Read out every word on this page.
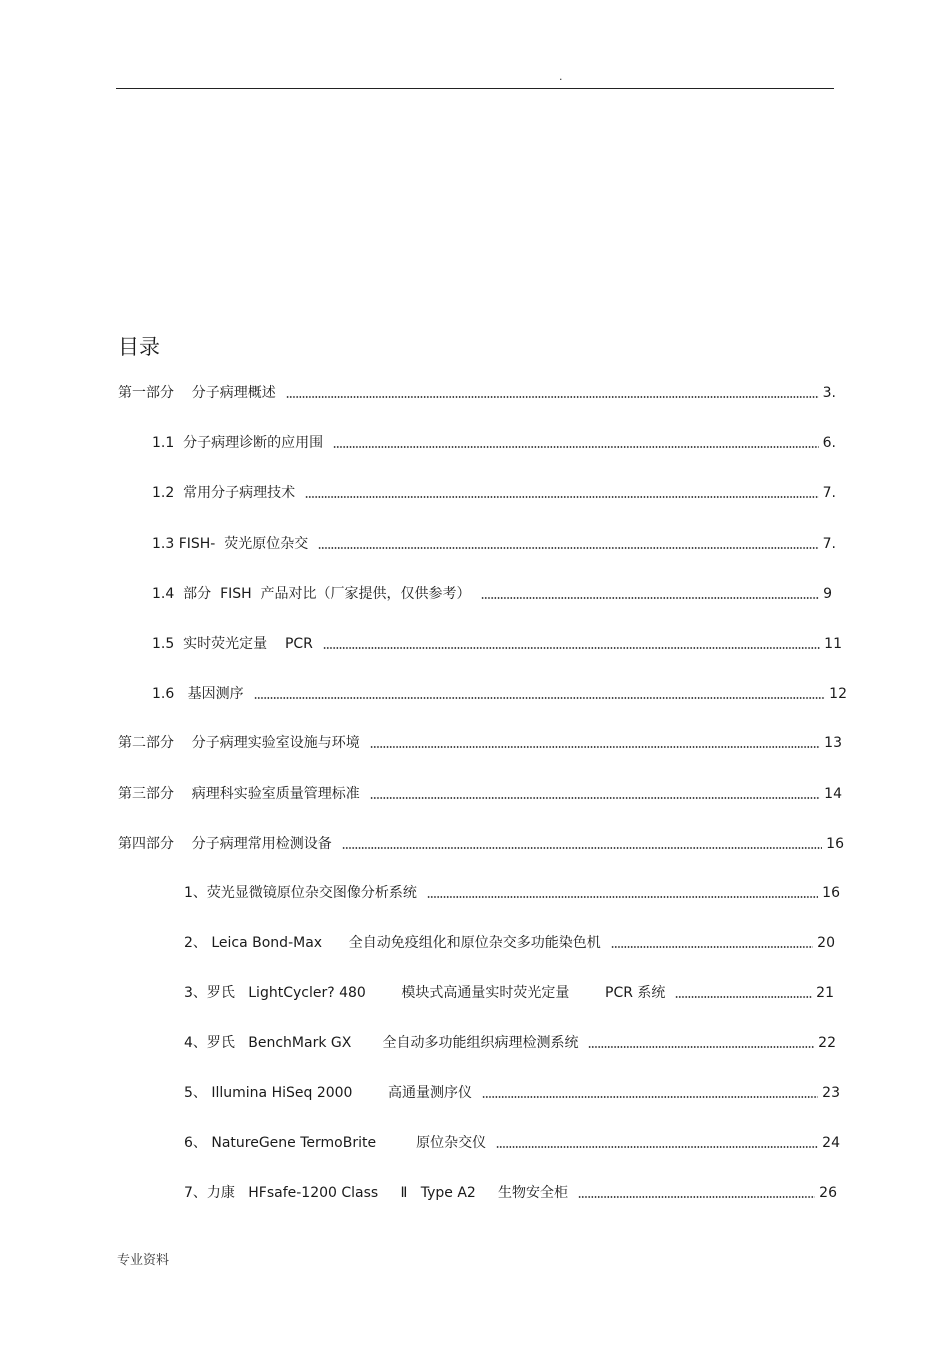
.
目录
第一部分    分子病理概述	3.
1.1  分子病理诊断的应用围	6.
1.2  常用分子病理技术	7.
1.3 FISH-  荧光原位杂交	7.
1.4  部分  FISH  产品对比（厂家提供，仅供参考）	9
1.5  实时荧光定量    PCR	11
1.6   基因测序	12
第二部分    分子病理实验室设施与环境	13
第三部分    病理科实验室质量管理标准	14
第四部分    分子病理常用检测设备	16
1、荧光显微镜原位杂交图像分析系统	16
2、 Leica Bond-Max      全自动免疫组化和原位杂交多功能染色机	20
3、罗氏   LightCycler? 480        模块式高通量实时荧光定量        PCR 系统	21
4、罗氏   BenchMark GX       全自动多功能组织病理检测系统	22
5、 Illumina HiSeq 2000        高通量测序仪	23
6、 NatureGene TermoBrite         原位杂交仪	24
7、力康   HFsafe-1200 Class     Ⅱ   Type A2     生物安全柜	26
专业资料
